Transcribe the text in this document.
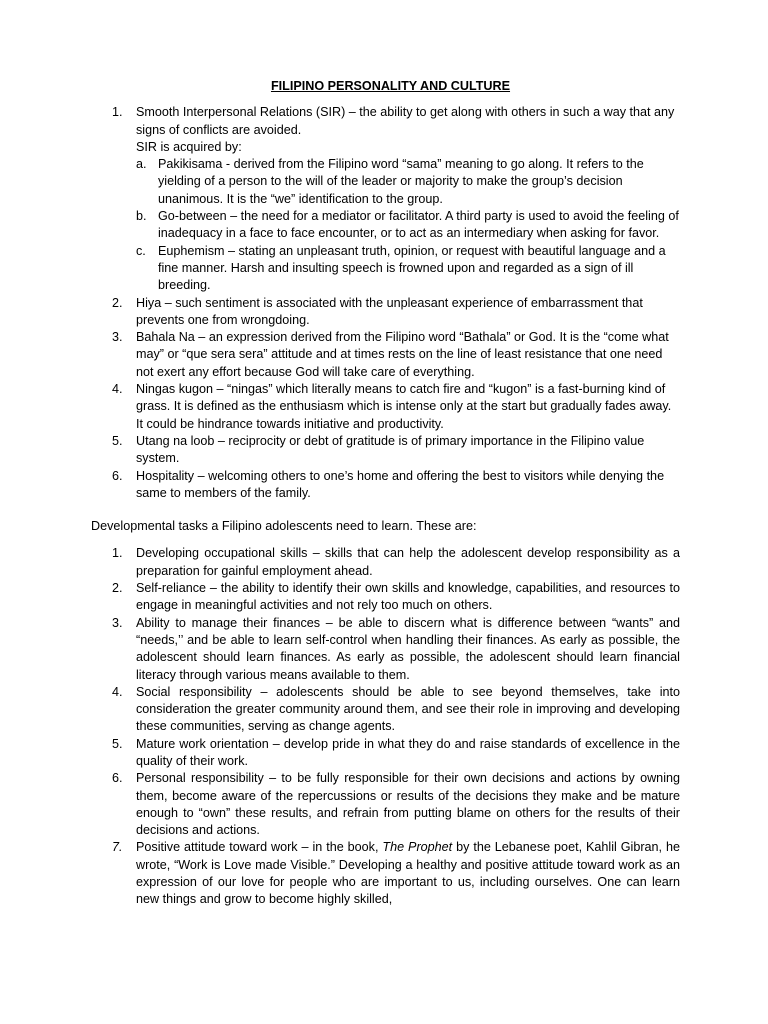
FILIPINO PERSONALITY AND CULTURE
1. Smooth Interpersonal Relations (SIR) – the ability to get along with others in such a way that any signs of conflicts are avoided.
SIR is acquired by:
a. Pakikisama - derived from the Filipino word “sama” meaning to go along. It refers to the yielding of a person to the will of the leader or majority to make the group’s decision unanimous. It is the “we” identification to the group.
b. Go-between – the need for a mediator or facilitator. A third party is used to avoid the feeling of inadequacy in a face to face encounter, or to act as an intermediary when asking for favor.
c. Euphemism – stating an unpleasant truth, opinion, or request with beautiful language and a fine manner. Harsh and insulting speech is frowned upon and regarded as a sign of ill breeding.
2. Hiya – such sentiment is associated with the unpleasant experience of embarrassment that prevents one from wrongdoing.
3. Bahala Na – an expression derived from the Filipino word “Bathala” or God. It is the “come what may” or “que sera sera” attitude and at times rests on the line of least resistance that one need not exert any effort because God will take care of everything.
4. Ningas kugon – “ningas” which literally means to catch fire and “kugon” is a fast-burning kind of grass. It is defined as the enthusiasm which is intense only at the start but gradually fades away. It could be hindrance towards initiative and productivity.
5. Utang na loob – reciprocity or debt of gratitude is of primary importance in the Filipino value system.
6. Hospitality – welcoming others to one’s home and offering the best to visitors while denying the same to members of the family.
Developmental tasks a Filipino adolescents need to learn. These are:
1. Developing occupational skills – skills that can help the adolescent develop responsibility as a preparation for gainful employment ahead.
2. Self-reliance – the ability to identify their own skills and knowledge, capabilities, and resources to engage in meaningful activities and not rely too much on others.
3. Ability to manage their finances – be able to discern what is difference between “wants” and “needs,’’ and be able to learn self-control when handling their finances. As early as possible, the adolescent should learn finances. As early as possible, the adolescent should learn financial literacy through various means available to them.
4. Social responsibility – adolescents should be able to see beyond themselves, take into consideration the greater community around them, and see their role in improving and developing these communities, serving as change agents.
5. Mature work orientation – develop pride in what they do and raise standards of excellence in the quality of their work.
6. Personal responsibility – to be fully responsible for their own decisions and actions by owning them, become aware of the repercussions or results of the decisions they make and be mature enough to “own” these results, and refrain from putting blame on others for the results of their decisions and actions.
7. Positive attitude toward work – in the book, The Prophet by the Lebanese poet, Kahlil Gibran, he wrote, “Work is Love made Visible.” Developing a healthy and positive attitude toward work as an expression of our love for people who are important to us, including ourselves. One can learn new things and grow to become highly skilled,
